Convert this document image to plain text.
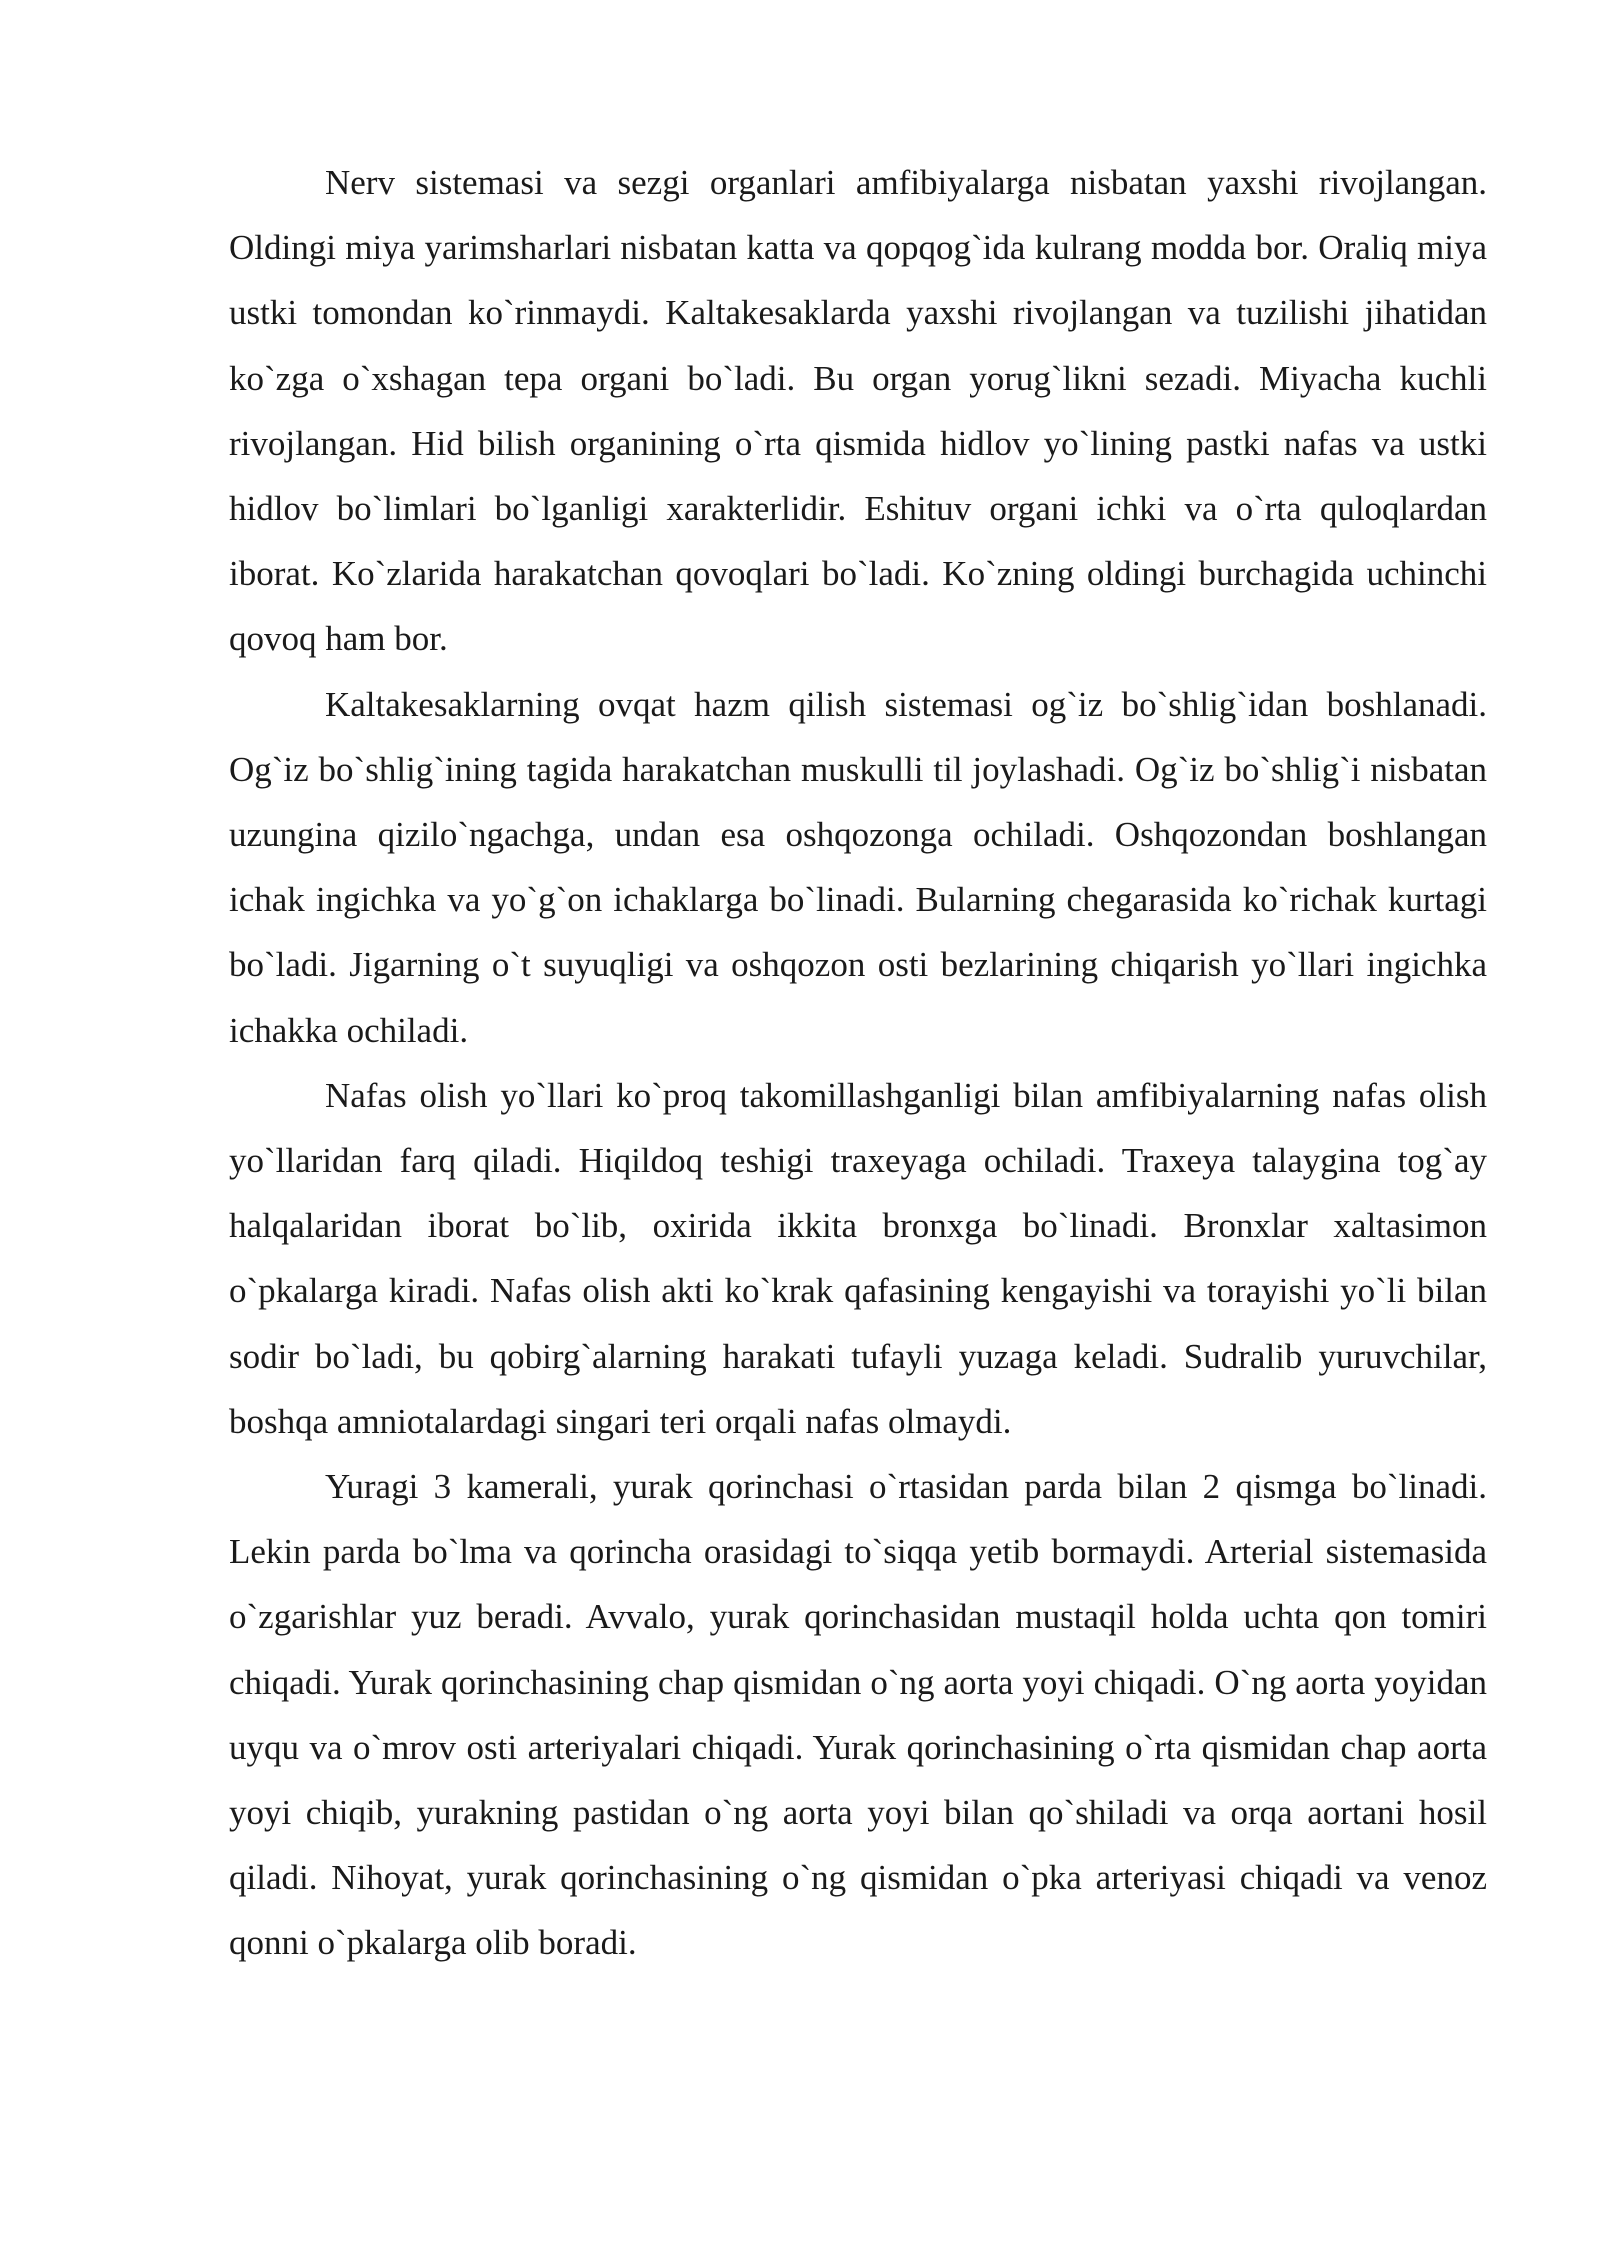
Nerv sistemasi va sezgi organlari amfibiyalarga nisbatan yaxshi rivojlangan. Oldingi miya yarimsharlari nisbatan katta va qopqog`ida kulrang modda bor. Oraliq miya ustki tomondan ko`rinmaydi. Kaltakesaklarda yaxshi rivojlangan va tuzilishi jihatidan ko`zga o`xshagan tepa organi bo`ladi. Bu organ yorug`likni sezadi. Miyacha kuchli rivojlangan. Hid bilish organining o`rta qismida hidlov yo`lining pastki nafas va ustki hidlov bo`limlari bo`lganligi xarakterlidir. Eshituv organi ichki va o`rta quloqlardan iborat. Ko`zlarida harakatchan qovoqlari bo`ladi. Ko`zning oldingi burchagida uchinchi qovoq ham bor.

Kaltakesaklarning ovqat hazm qilish sistemasi og`iz bo`shlig`idan boshlanadi. Og`iz bo`shlig`ining tagida harakatchan muskulli til joylashadi. Og`iz bo`shlig`i nisbatan uzungina qizilo`ngachga, undan esa oshqozonga ochiladi. Oshqozondan boshlangan ichak ingichka va yo`g`on ichaklarga bo`linadi. Bularning chegarasida ko`richak kurtagi bo`ladi. Jigarning o`t suyuqligi va oshqozon osti bezlarining chiqarish yo`llari ingichka ichakka ochiladi.

Nafas olish yo`llari ko`proq takomillashganligi bilan amfibiyalarning nafas olish yo`llaridan farq qiladi. Hiqildoq teshigi traxeyaga ochiladi. Traxeya talaygina tog`ay halqalaridan iborat bo`lib, oxirida ikkita bronxga bo`linadi. Bronxlar xaltasimon o`pkalarga kiradi. Nafas olish akti ko`krak qafasining kengayishi va torayishi yo`li bilan sodir bo`ladi, bu qobirg`alarning harakati tufayli yuzaga keladi. Sudralib yuruvchilar, boshqa amniotalardagi singari teri orqali nafas olmaydi.

Yuragi 3 kamerali, yurak qorinchasi o`rtasidan parda bilan 2 qismga bo`linadi. Lekin parda bo`lma va qorincha orasidagi to`siqqa yetib bormaydi. Arterial sistemasida o`zgarishlar yuz beradi. Avvalo, yurak qorinchasidan mustaqil holda uchta qon tomiri chiqadi. Yurak qorinchasining chap qismidan o`ng aorta yoyi chiqadi. O`ng aorta yoyidan uyqu va o`mrov osti arteriyalari chiqadi. Yurak qorinchasining o`rta qismidan chap aorta yoyi chiqib, yurakning pastidan o`ng aorta yoyi bilan qo`shiladi va orqa aortani hosil qiladi. Nihoyat, yurak qorinchasining o`ng qismidan o`pka arteriyasi chiqadi va venoz qonni o`pkalarga olib boradi.
